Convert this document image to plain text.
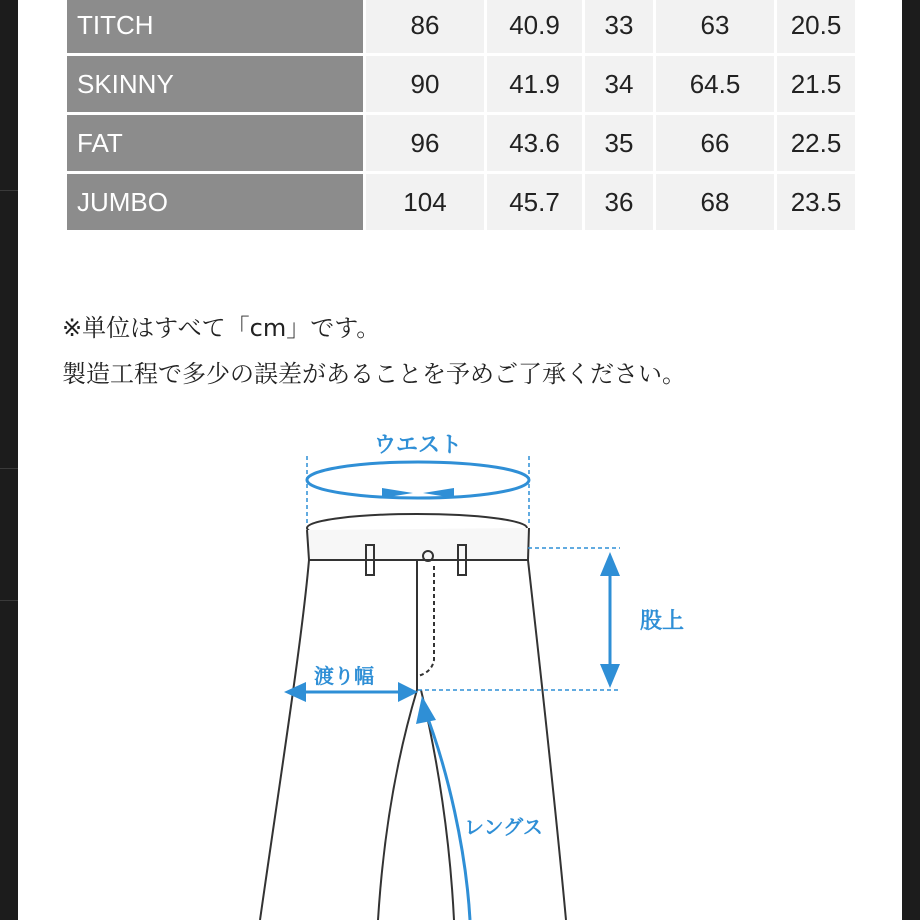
TITCH	86	40.9	33	63	20.5
SKINNY	90	41.9	34	64.5	21.5
FAT	96	43.6	35	66	22.5
JUMBO	104	45.7	36	68	23.5
※単位はすべて「cm」です。
製造工程で多少の誤差があることを予めご了承ください。
ウエスト
股上
渡り幅
レングス
